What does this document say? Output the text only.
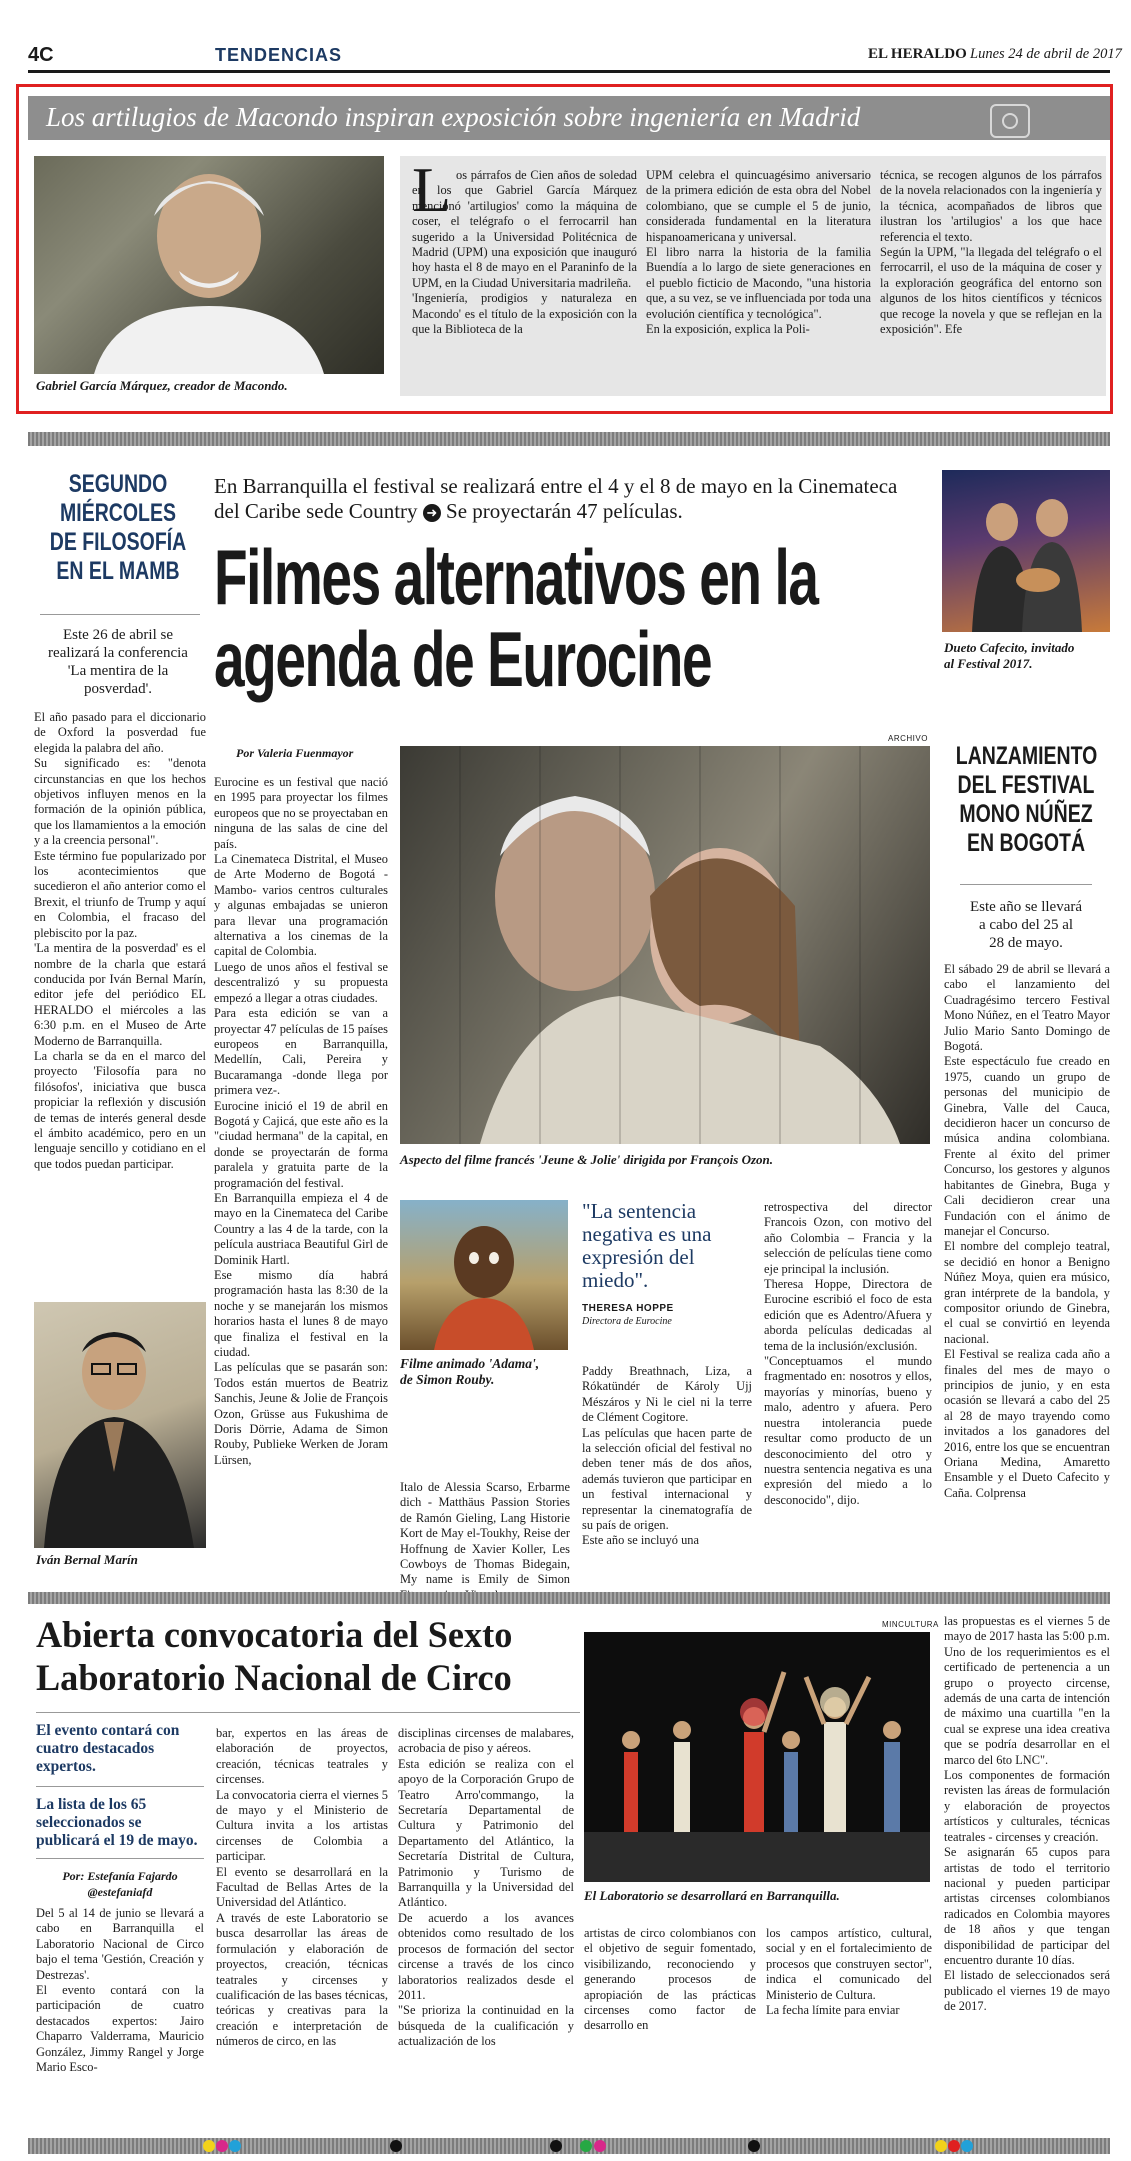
4C	TENDENCIAS	EL HERALDO Lunes 24 de abril de 2017
Los artilugios de Macondo inspiran exposición sobre ingeniería en Madrid
Gabriel García Márquez, creador de Macondo.
L os párrafos de Cien años de soledad en los que Gabriel García Márquez mencionó 'artilugios' como la máquina de coser, el telégrafo o el ferrocarril han sugerido a la Universidad Politécnica de Madrid (UPM) una exposición que inauguró hoy hasta el 8 de mayo en el Paraninfo de la UPM, en la Ciudad Universitaria madrileña.
'Ingeniería, prodigios y naturaleza en Macondo' es el título de la exposición con la que la Biblioteca de la
UPM celebra el quincuagésimo aniversario de la primera edición de esta obra del Nobel colombiano, que se cumple el 5 de junio, considerada fundamental en la literatura hispanoamericana y universal.
El libro narra la historia de la familia Buendía a lo largo de siete generaciones en el pueblo ficticio de Macondo, "una historia que, a su vez, se ve influenciada por toda una evolución científica y tecnológica".
En la exposición, explica la Poli-
técnica, se recogen algunos de los párrafos de la novela relacionados con la ingeniería y la técnica, acompañados de libros que ilustran los 'artilugios' a los que hace referencia el texto.
Según la UPM, "la llegada del telégrafo o el ferrocarril, el uso de la máquina de coser y la exploración geográfica del entorno son algunos de los hitos científicos y técnicos que recoge la novela y que se reflejan en la exposición". Efe
SEGUNDO
MIÉRCOLES
DE FILOSOFÍA
EN EL MAMB
Este 26 de abril se
realizará la conferencia
'La mentira de la
posverdad'.
El año pasado para el diccionario de Oxford la posverdad fue elegida la palabra del año.
Su significado es: "denota circunstancias en que los hechos objetivos influyen menos en la formación de la opinión pública, que los llamamientos a la emoción y a la creencia personal".
Este término fue popularizado por los acontecimientos que sucedieron el año anterior como el Brexit, el triunfo de Trump y aquí en Colombia, el fracaso del plebiscito por la paz.
'La mentira de la posverdad' es el nombre de la charla que estará conducida por Iván Bernal Marín, editor jefe del periódico EL HERALDO el miércoles a las 6:30 p.m. en el Museo de Arte Moderno de Barranquilla.
La charla se da en el marco del proyecto 'Filosofía para no filósofos', iniciativa que busca propiciar la reflexión y discusión de temas de interés general desde el ámbito académico, pero en un lenguaje sencillo y cotidiano en el que todos puedan participar.
Iván Bernal Marín
En Barranquilla el festival se realizará entre el 4 y el 8 de mayo en la Cinemateca del Caribe sede Country ➜ Se proyectarán 47 películas.
Filmes alternativos en la agenda de Eurocine
Por Valeria Fuenmayor
Eurocine es un festival que nació en 1995 para proyectar los filmes europeos que no se proyectaban en ninguna de las salas de cine del país.
La Cinemateca Distrital, el Museo de Arte Moderno de Bogotá -Mambo- varios centros culturales y algunas embajadas se unieron para llevar una programación alternativa a los cinemas de la capital de Colombia.
Luego de unos años el festival se descentralizó y su propuesta empezó a llegar a otras ciudades.
Para esta edición se van a proyectar 47 películas de 15 países europeos en Barranquilla, Medellín, Cali, Pereira y Bucaramanga -donde llega por primera vez-.
Eurocine inició el 19 de abril en Bogotá y Cajicá, que este año es la "ciudad hermana" de la capital, en donde se proyectarán de forma paralela y gratuita parte de la programación del festival.
En Barranquilla empieza el 4 de mayo en la Cinemateca del Caribe Country a las 4 de la tarde, con la película austriaca Beautiful Girl de Dominik Hartl.
Ese mismo día habrá programación hasta las 8:30 de la noche y se manejarán los mismos horarios hasta el lunes 8 de mayo que finaliza el festival en la ciudad.
Las películas que se pasarán son: Todos están muertos de Beatriz Sanchis, Jeune & Jolie de François Ozon, Grüsse aus Fukushima de Doris Dörrie, Adama de Simon Rouby, Publieke Werken de Joram Lürsen,
ARCHIVO
Aspecto del filme francés 'Jeune & Jolie' dirigida por François Ozon.
Filme animado 'Adama',
de Simon Rouby.
"La sentencia negativa es una expresión del miedo".
THERESA HOPPE
Directora de Eurocine
Paddy Breathnach, Liza, a Rókatündér de Károly Ujj Mészáros y Ni le ciel ni la terre de Clément Cogitore.
Las películas que hacen parte de la selección oficial del festival no deben tener más de dos años, además tuvieron que participar en un festival internacional y representar la cinematografía de su país de origen.
Este año se incluyó una
Italo de Alessia Scarso, Erbarme dich - Matthäus Passion Stories de Ramón Gieling, Lang Historie Kort de May el-Toukhy, Reise der Hoffnung de Xavier Koller, Les Cowboys de Thomas Bidegain, My name is Emily de Simon
retrospectiva del director Francois Ozon, con motivo del año Colombia – Francia y la selección de películas tiene como eje principal la inclusión.
Theresa Hoppe, Directora de Eurocine escribió el foco de esta edición que es Adentro/Afuera y aborda películas dedicadas al tema de la inclusión/exclusión.
"Conceptuamos el mundo fragmentado en: nosotros y ellos, mayorías y minorías, bueno y malo, adentro y afuera. Pero nuestra intolerancia puede resultar como producto de un desconocimiento del otro y nuestra sentencia negativa es una expresión del miedo a lo desconocido", dijo.
Dueto Cafecito, invitado
al Festival 2017.
LANZAMIENTO
DEL FESTIVAL
MONO NÚÑEZ
EN BOGOTÁ
Este año se llevará
a cabo del 25 al
28 de mayo.
El sábado 29 de abril se llevará a cabo el lanzamiento del Cuadragésimo tercero Festival Mono Núñez, en el Teatro Mayor Julio Mario Santo Domingo de Bogotá.
Este espectáculo fue creado en 1975, cuando un grupo de personas del municipio de Ginebra, Valle del Cauca, decidieron hacer un concurso de música andina colombiana. Frente al éxito del primer Concurso, los gestores y algunos habitantes de Ginebra, Buga y Cali decidieron crear una Fundación con el ánimo de manejar el Concurso.
El nombre del complejo teatral, se decidió en honor a Benigno Núñez Moya, quien era músico, gran intérprete de la bandola, y compositor oriundo de Ginebra, el cual se convirtió en leyenda nacional.
El Festival se realiza cada año a finales del mes de mayo o principios de junio, y en esta ocasión se llevará a cabo del 25 al 28 de mayo trayendo como invitados a los ganadores del 2016, entre los que se encuentran Oriana Medina, Amaretto Ensamble y el Dueto Cafecito y Caña. Colprensa
Abierta convocatoria del Sexto Laboratorio Nacional de Circo
El evento contará con cuatro destacados expertos.
La lista de los 65 seleccionados se publicará el 19 de mayo.
Por: Estefanía Fajardo
@estefaniafd
Del 5 al 14 de junio se llevará a cabo en Barranquilla el Laboratorio Nacional de Circo bajo el tema 'Gestión, Creación y Destrezas'.
El evento contará con la participación de cuatro destacados expertos: Jairo Chaparro Valderrama, Mauricio González, Jimmy Rangel y Jorge Mario Esco-
bar, expertos en las áreas de elaboración de proyectos, creación, técnicas teatrales y circenses.
La convocatoria cierra el viernes 5 de mayo y el Ministerio de Cultura invita a los artistas circenses de Colombia a participar.
El evento se desarrollará en la Facultad de Bellas Artes de la Universidad del Atlántico.
A través de este Laboratorio se busca desarrollar las áreas de formulación y elaboración de proyectos, creación, técnicas teatrales y circenses y cualificación de las bases técnicas, teóricas y creativas para la creación e interpretación de números de circo, en las
disciplinas circenses de malabares, acrobacia de piso y aéreos.
Esta edición se realiza con el apoyo de la Corporación Grupo de Teatro Arro'commango, la Secretaría Departamental de Cultura y Patrimonio del Departamento del Atlántico, la Secretaría Distrital de Cultura, Patrimonio y Turismo de Barranquilla y la Universidad del Atlántico.
De acuerdo a los avances obtenidos como resultado de los procesos de formación del sector circense a través de los cinco laboratorios realizados desde el 2011.
"Se prioriza la continuidad en la búsqueda de la cualificación y actualización de los
MINCULTURA
El Laboratorio se desarrollará en Barranquilla.
artistas de circo colombianos con el objetivo de seguir fomentado, visibilizando, reconociendo y generando procesos de apropiación de las prácticas circenses como factor de desarrollo en
los campos artístico, cultural, social y en el fortalecimiento de procesos que construyen sector", indica el comunicado del Ministerio de Cultura.
La fecha límite para enviar
las propuestas es el viernes 5 de mayo de 2017 hasta las 5:00 p.m.
Uno de los requerimientos es el certificado de pertenencia a un grupo o proyecto circense, además de una carta de intención de máximo una cuartilla "en la cual se exprese una idea creativa que se podría desarrollar en el marco del 6to LNC".
Los componentes de formación revisten las áreas de formulación y elaboración de proyectos artísticos y culturales, técnicas teatrales - circenses y creación.
Se asignarán 65 cupos para artistas de todo el territorio nacional y pueden participar artistas circenses colombianos radicados en Colombia mayores de 18 años y que tengan disponibilidad de participar del encuentro durante 10 días.
El listado de seleccionados será publicado el viernes 19 de mayo de 2017.
